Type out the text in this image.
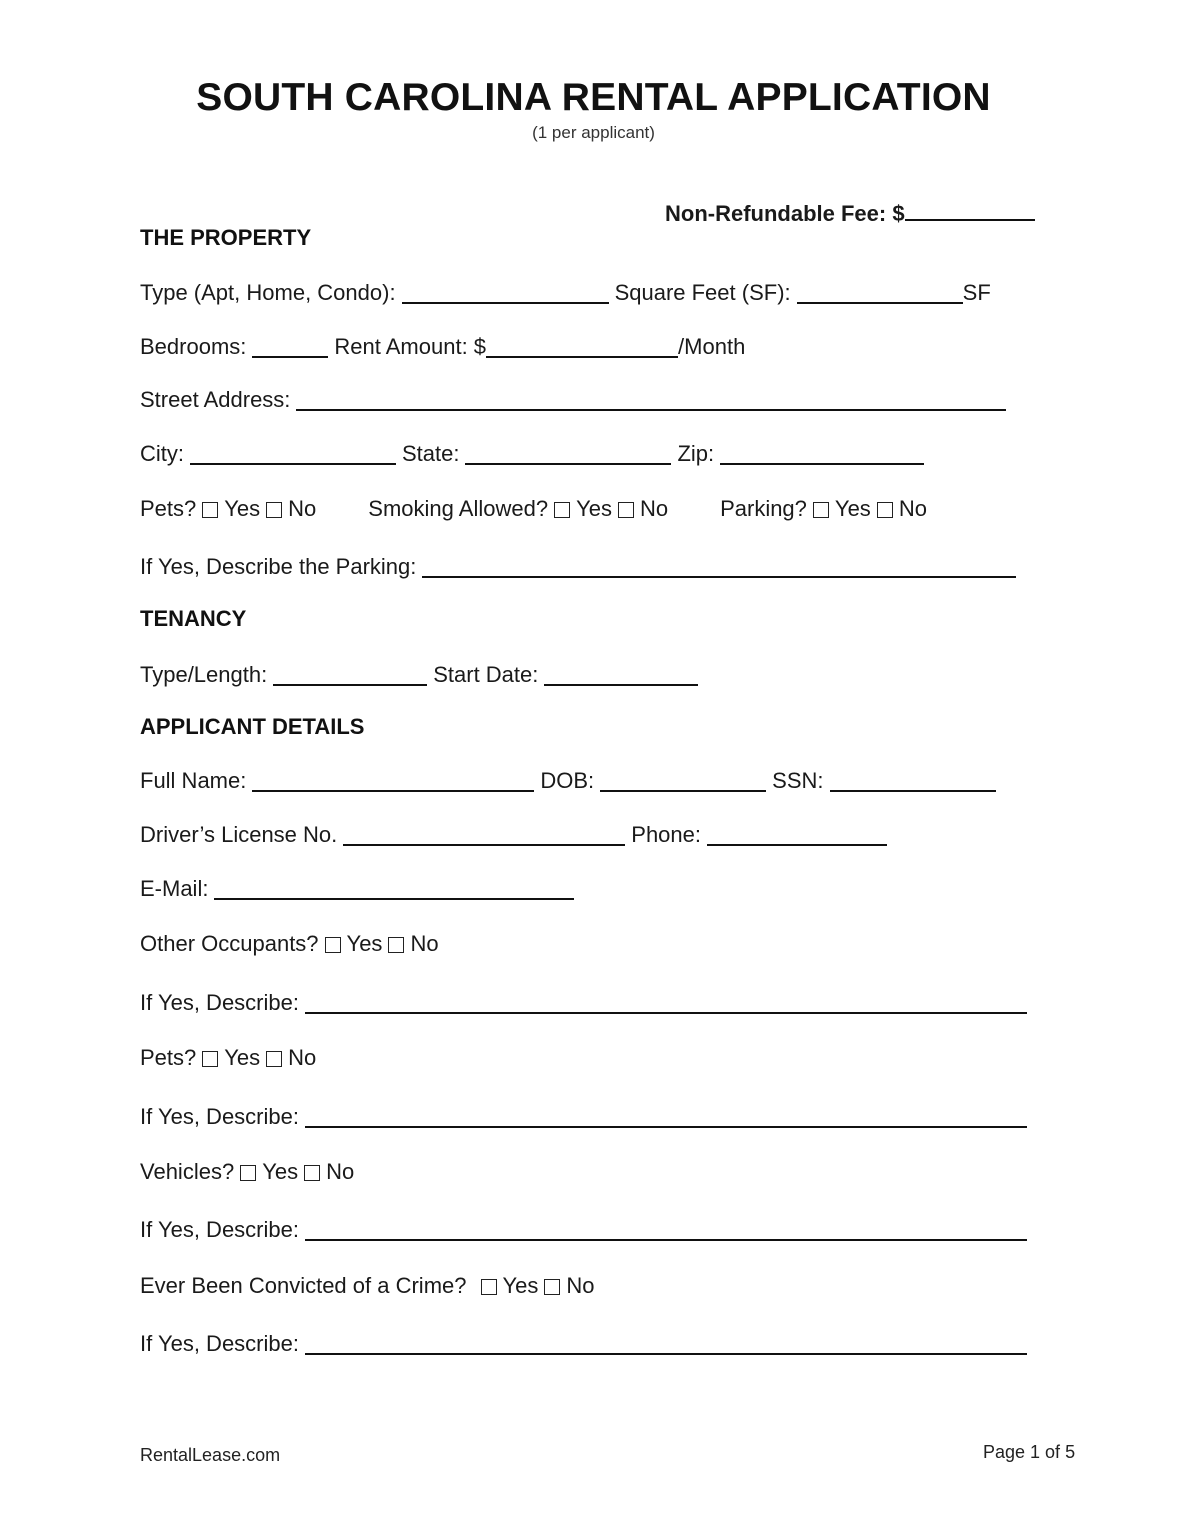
SOUTH CAROLINA RENTAL APPLICATION
(1 per applicant)
Non-Refundable Fee: $
THE PROPERTY
Type (Apt, Home, Condo):	Square Feet (SF):	SF
Bedrooms:	Rent Amount: $	/Month
Street Address:
City:	State:	Zip:
Pets? Yes No Smoking Allowed? Yes No Parking? Yes No
If Yes, Describe the Parking:
TENANCY
Type/Length:	Start Date:
APPLICANT DETAILS
Full Name:	DOB:	SSN:
Driver’s License No.	Phone:
E-Mail:
Other Occupants? Yes No
If Yes, Describe:
Pets? Yes No
If Yes, Describe:
Vehicles? Yes No
If Yes, Describe:
Ever Been Convicted of a Crime? Yes No
If Yes, Describe:
RentalLease.com	Page 1 of 5
